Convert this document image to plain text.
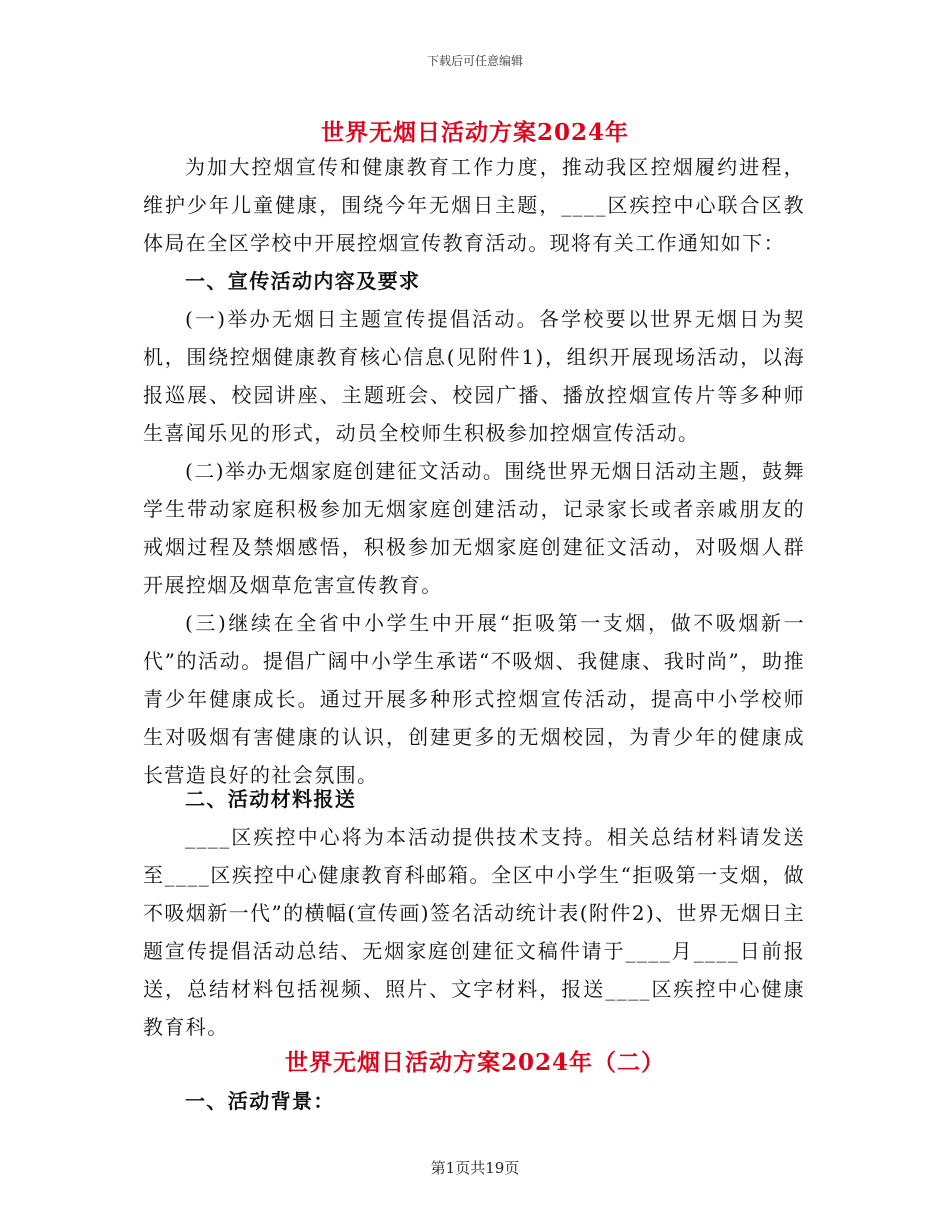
下载后可任意编辑
世界无烟日活动方案2024年

为加大控烟宣传和健康教育工作力度，推动我区控烟履约进程，维护少年儿童健康，围绕今年无烟日主题，____区疾控中心联合区教体局在全区学校中开展控烟宣传教育活动。现将有关工作通知如下：

一、宣传活动内容及要求

(一)举办无烟日主题宣传提倡活动。各学校要以世界无烟日为契机，围绕控烟健康教育核心信息(见附件1)，组织开展现场活动，以海报巡展、校园讲座、主题班会、校园广播、播放控烟宣传片等多种师生喜闻乐见的形式，动员全校师生积极参加控烟宣传活动。

(二)举办无烟家庭创建征文活动。围绕世界无烟日活动主题，鼓舞学生带动家庭积极参加无烟家庭创建活动，记录家长或者亲戚朋友的戒烟过程及禁烟感悟，积极参加无烟家庭创建征文活动，对吸烟人群开展控烟及烟草危害宣传教育。

(三)继续在全省中小学生中开展“拒吸第一支烟，做不吸烟新一代”的活动。提倡广阔中小学生承诺“不吸烟、我健康、我时尚”，助推青少年健康成长。通过开展多种形式控烟宣传活动，提高中小学校师生对吸烟有害健康的认识，创建更多的无烟校园，为青少年的健康成长营造良好的社会氛围。

二、活动材料报送

____区疾控中心将为本活动提供技术支持。相关总结材料请发送至____区疾控中心健康教育科邮箱。全区中小学生“拒吸第一支烟，做不吸烟新一代”的横幅(宣传画)签名活动统计表(附件2)、世界无烟日主题宣传提倡活动总结、无烟家庭创建征文稿件请于____月____日前报送，总结材料包括视频、照片、文字材料，报送____区疾控中心健康教育科。

世界无烟日活动方案2024年（二）
一、活动背景：
第1页共19页
